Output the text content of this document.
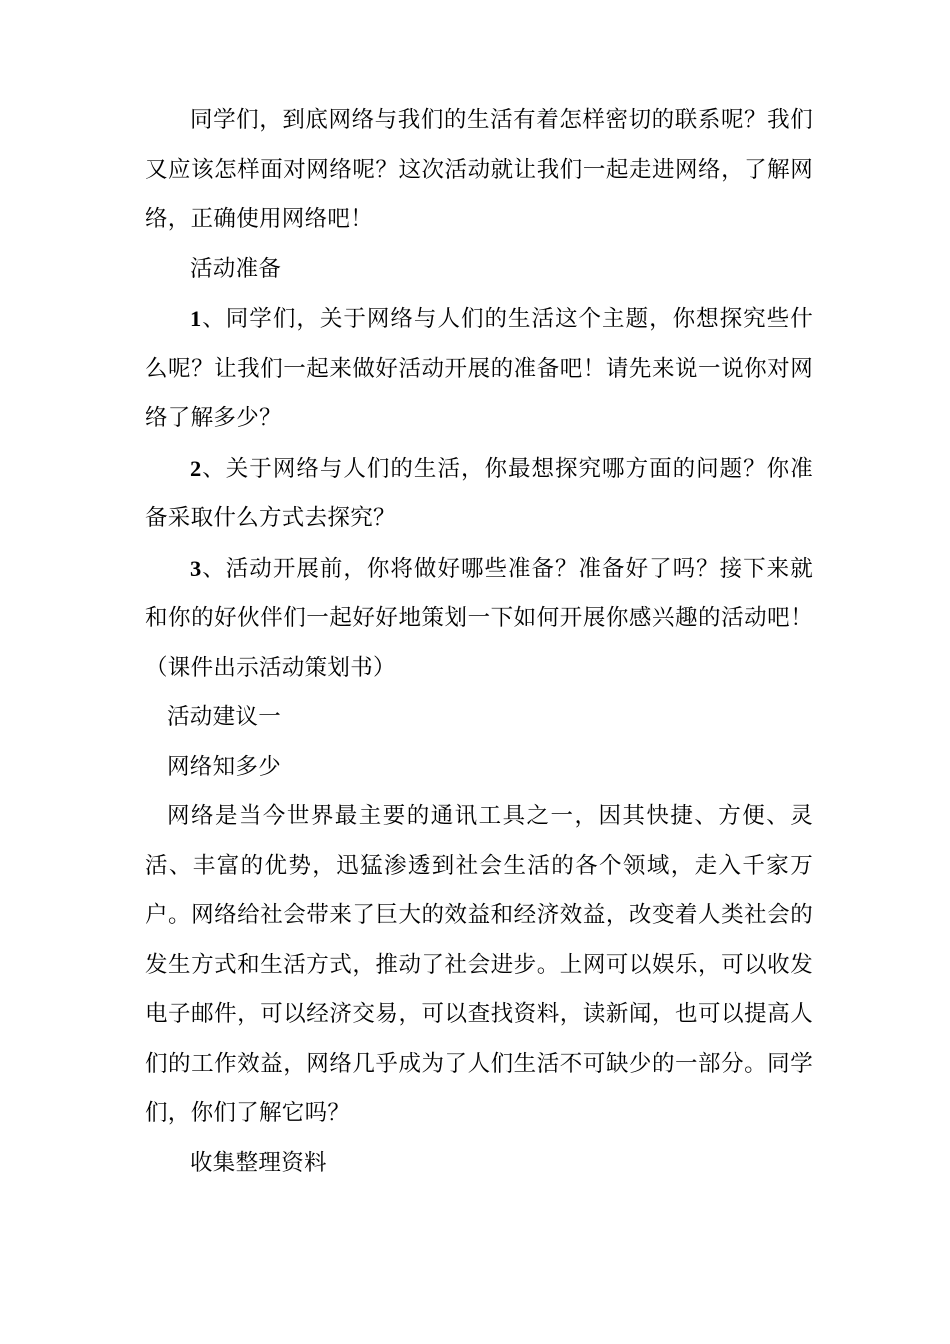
同学们，到底网络与我们的生活有着怎样密切的联系呢？我们又应该怎样面对网络呢？这次活动就让我们一起走进网络，了解网络，正确使用网络吧！

活动准备

1、同学们，关于网络与人们的生活这个主题，你想探究些什么呢？让我们一起来做好活动开展的准备吧！请先来说一说你对网络了解多少？

2、关于网络与人们的生活，你最想探究哪方面的问题？你准备采取什么方式去探究？

3、活动开展前，你将做好哪些准备？准备好了吗？接下来就和你的好伙伴们一起好好地策划一下如何开展你感兴趣的活动吧！（课件出示活动策划书）

活动建议一

网络知多少

网络是当今世界最主要的通讯工具之一，因其快捷、方便、灵活、丰富的优势，迅猛渗透到社会生活的各个领域，走入千家万户。网络给社会带来了巨大的效益和经济效益，改变着人类社会的发生方式和生活方式，推动了社会进步。上网可以娱乐，可以收发电子邮件，可以经济交易，可以查找资料，读新闻，也可以提高人们的工作效益，网络几乎成为了人们生活不可缺少的一部分。同学们，你们了解它吗？

收集整理资料
